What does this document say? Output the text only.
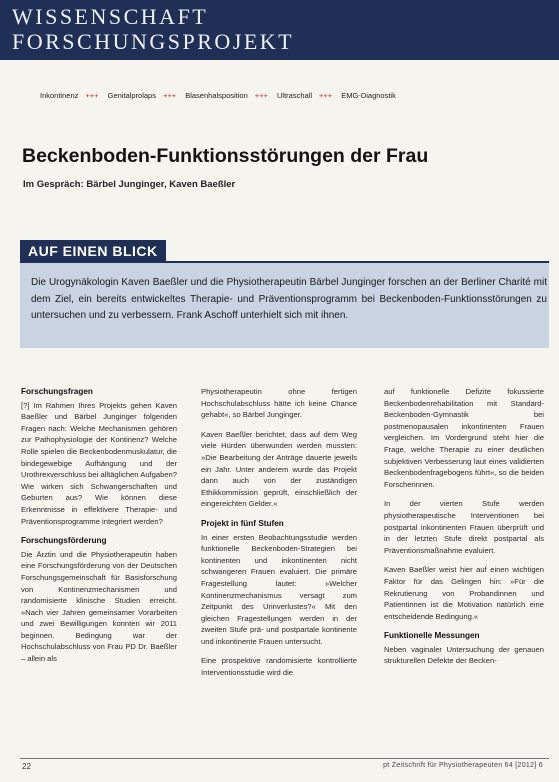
WISSENSCHAFT
FORSCHUNGSPROJEKT
Inkontinenz +++ Genitalprolaps +++ Blasenhalsposition +++ Ultraschall +++ EMG-Diagnostik
Beckenboden-Funktionsstörungen der Frau
Im Gespräch: Bärbel Junginger, Kaven Baeßler
AUF EINEN BLICK
Die Urogynäkologin Kaven Baeßler und die Physiotherapeutin Bärbel Junginger forschen an der Berliner Charité mit dem Ziel, ein bereits entwickeltes Therapie- und Präventionsprogramm bei Beckenboden-Funktionsstörungen zu untersuchen und zu verbessern. Frank Aschoff unterhielt sich mit ihnen.
Forschungsfragen

[?] Im Rahmen Ihres Projekts gehen Kaven Baeßler und Bärbel Junginger folgenden Fragen nach: Welche Mechanismen gehören zur Pathophysiologie der Kontinenz? Welche Rolle spielen die Beckenbodenmuskulatur, die bindegewebige Aufhängung und der Urothrexverschluss bei alltäglichen Aufgaben? Wie wirken sich Schwangerschaften und Geburten aus? Wie können diese Erkenntnisse in effektivere Therapie- und Präventionsprogramme integriert werden?

Forschungsförderung

Die Ärztin und die Physiotherapeutin haben eine Forschungsförderung von der Deutschen Forschungsgemeinschaft für Basisforschung von Kontinenzmechanismen und randomisierte klinische Studien erreicht. »Nach vier Jahren gemeinsamer Vorarbeiten und zwei Bewilligungen konnten wir 2011 beginnen. Bedingung war der Hochschulabschluss von Frau PD Dr. Baeßler – allein als

Physiotherapeutin ohne fertigen Hochschulabschluss hätte ich keine Chance gehabt«, so Bärbel Junginger.

Kaven Baeßler berichtet, dass auf dem Weg viele Hürden überwunden werden mussten: »Die Bearbeitung der Anträge dauerte jeweils ein Jahr. Unter anderem wurde das Projekt dann auch von der zuständigen Ethikkommission geprüft, einschließlich der eingereichten Gelder.«

Projekt in fünf Stufen

In einer ersten Beobachtungsstudie werden funktionelle Beckenboden-Strategien bei kontinenten und inkontinenten nicht schwangeren Frauen evaluiert. Die primäre Fragestellung lautet: »Welcher Kontinenzmechanismus versagt zum Zeitpunkt des Urinverlustes?« Mit den gleichen Fragestellungen werden in der zweiten Stufe prä- und postpartale kontinente und inkontinente Frauen untersucht.

Eine prospektive randomisierte kontrollierte Interventionsstudie wird die

auf funktionelle Defizite fokussierte Beckenbodenrehabilitation mit Standard-Beckenboden-Gymnastik bei postmenopausalen inkontinenten Frauen vergleichen. Im Vordergrund steht hier die Frage, welche Therapie zu einer deutlichen subjektiven Verbesserung laut eines validierten Beckenbodenfragebogens führt«, so die beiden Forscherinnen.

In der vierten Stufe werden physiotherapeutische Interventionen bei postpartal inkontinenten Frauen überprüft und in der letzten Stufe direkt postpartal als Präventionsmaßnahme evaluiert.

Kaven Baeßler weist hier auf einen wichtigen Faktor für das Gelingen hin: »Für die Rekrutierung von Probandinnen und Patientinnen ist die Motivation natürlich eine entscheidende Bedingung.«

Funktionelle Messungen

Neben vaginaler Untersuchung der genauen strukturellen Defekte der Becken-

22	pt Zeitschrift für Physiotherapeuten 64 [2012] 6
